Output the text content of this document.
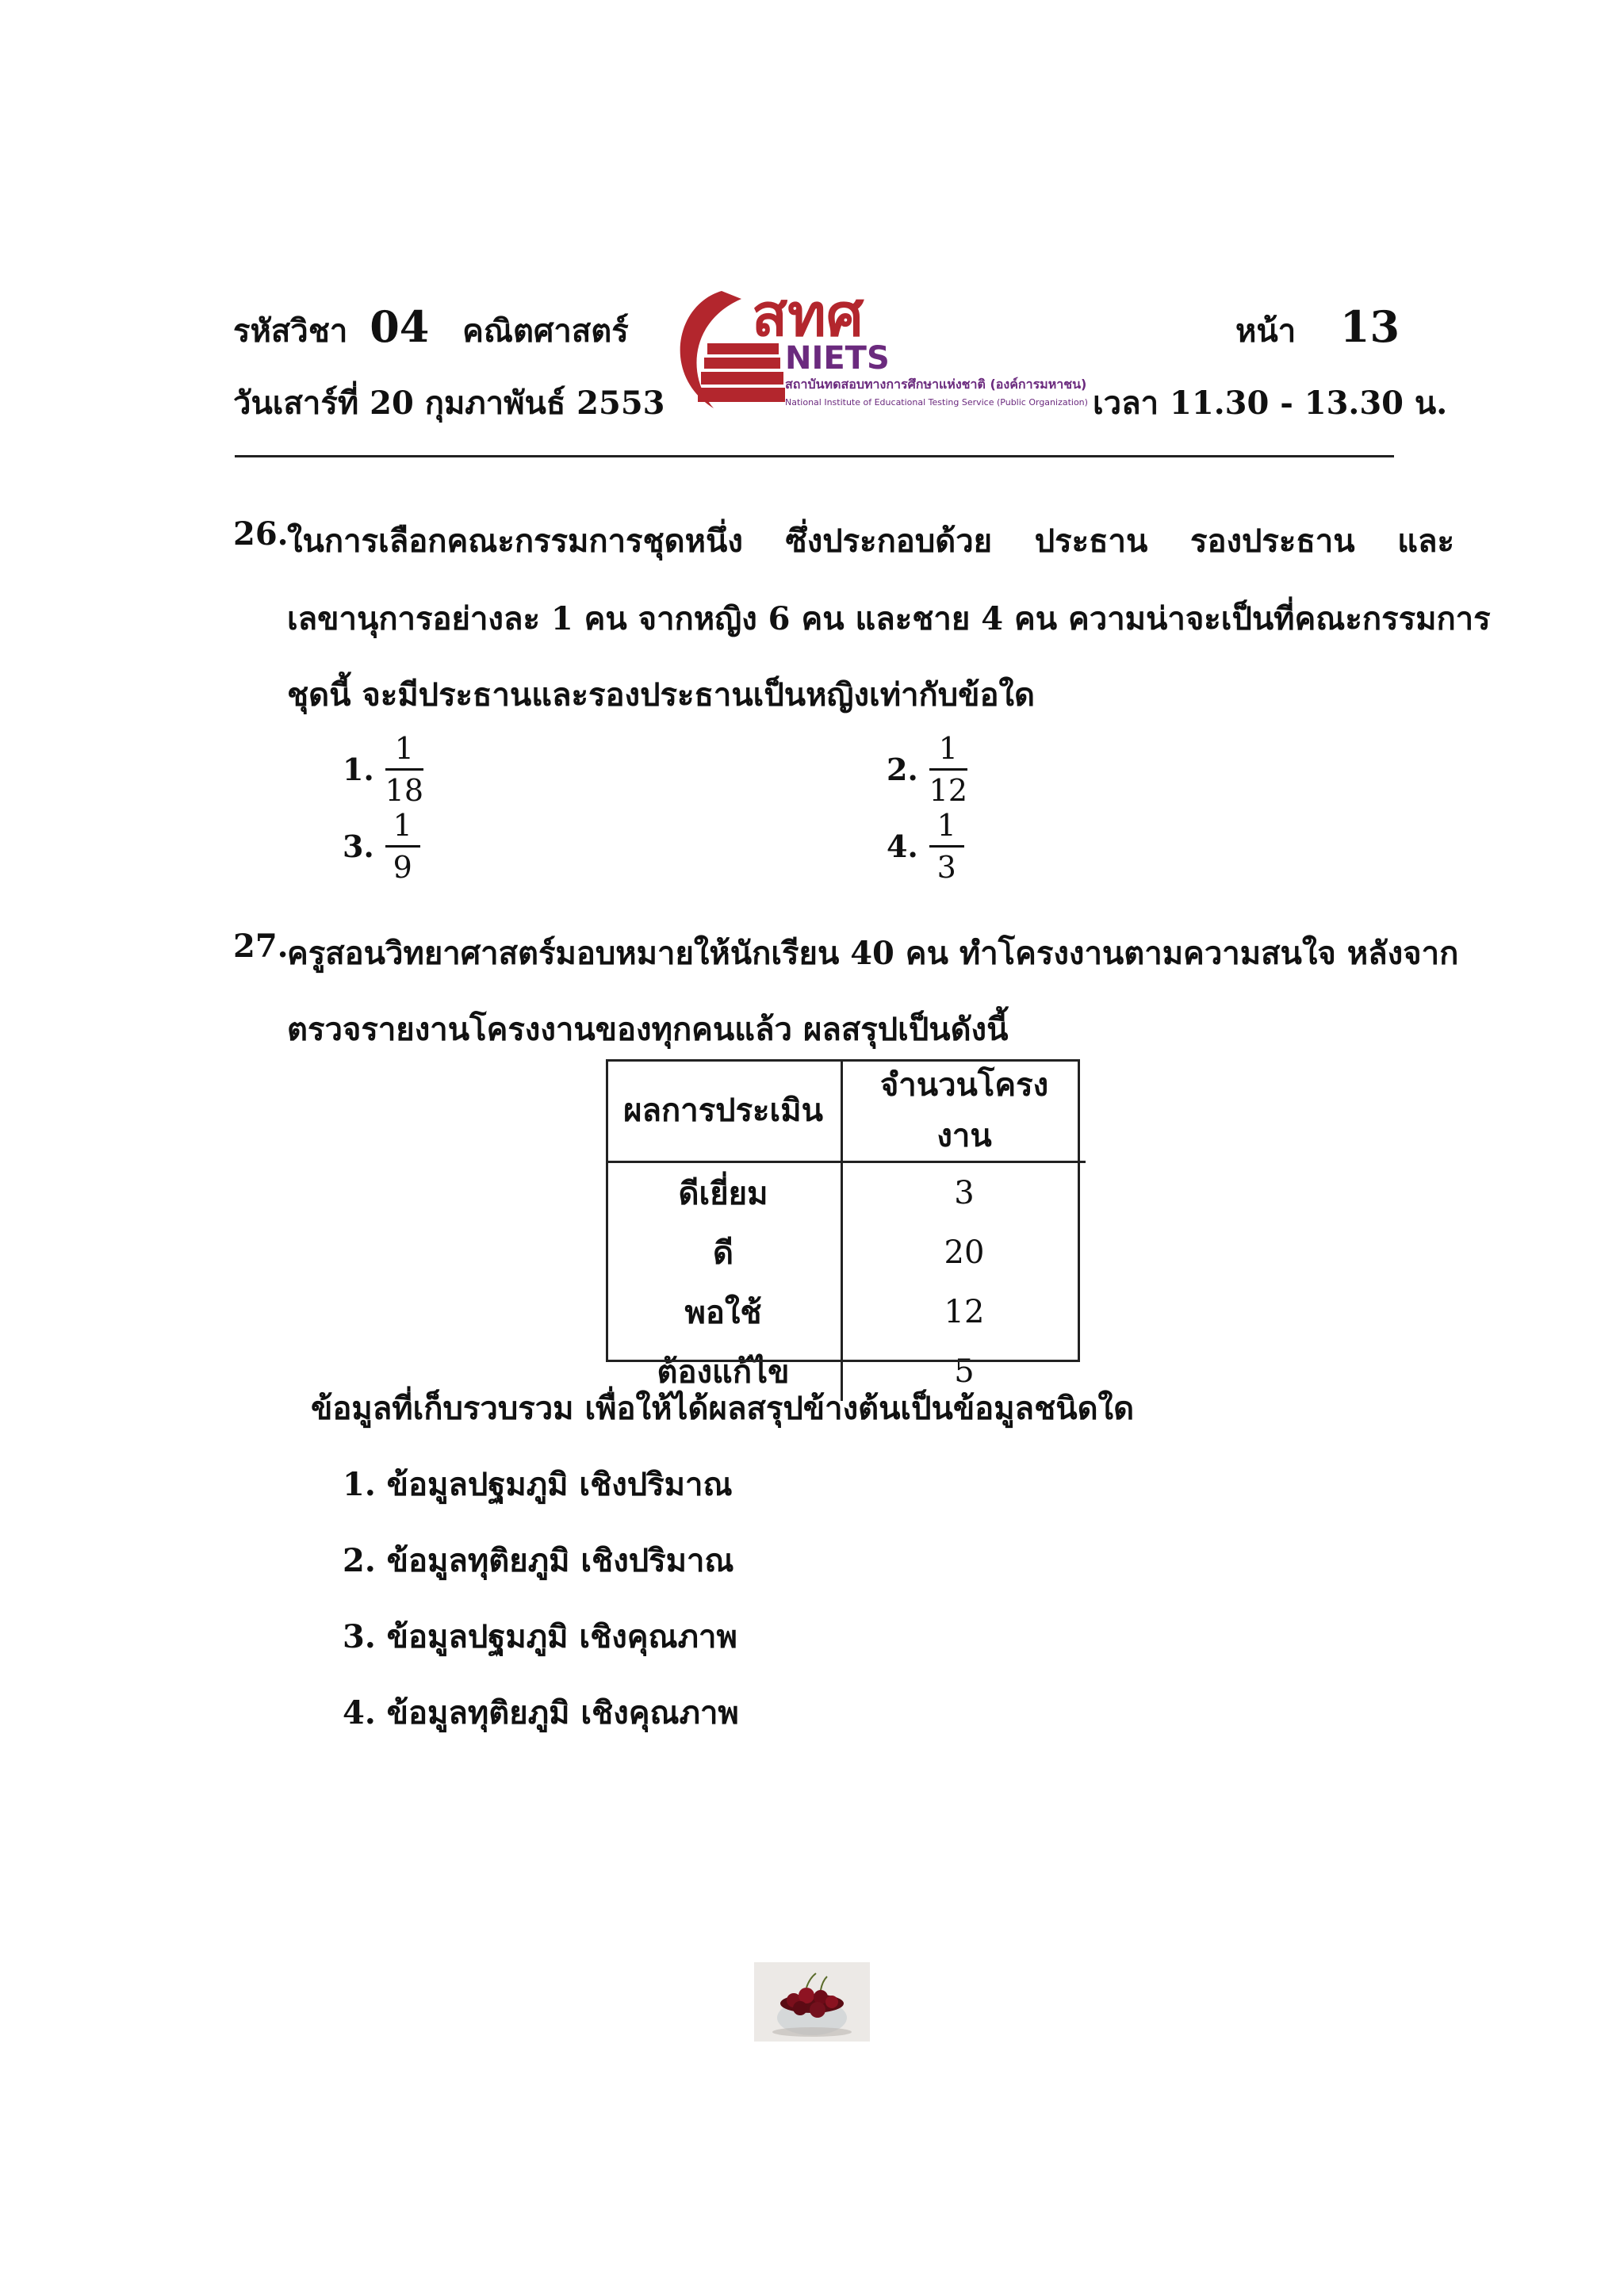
รหัสวิชา 04 คณิตศาสตร์
วันเสาร์ที่ 20 กุมภาพันธ์ 2553
หน้า 13
เวลา 11.30 - 13.30 น.
สทศ
NIETS
สถาบันทดสอบทางการศึกษาแห่งชาติ (องค์การมหาชน)
National Institute of Educational Testing Service (Public Organization)
26.
ในการเลือกคณะกรรมการชุดหนึ่ง ซึ่งประกอบด้วย ประธาน รองประธาน และ
เลขานุการอย่างละ 1 คน จากหญิง 6 คน และชาย 4 คน ความน่าจะเป็นที่คณะกรรมการ
ชุดนี้ จะมีประธานและรองประธานเป็นหญิงเท่ากับข้อใด
1.
1
18
2.
1
12
3.
1
9
4.
1
3
27.
ครูสอนวิทยาศาสตร์มอบหมายให้นักเรียน 40 คน ทำโครงงานตามความสนใจ หลังจาก
ตรวจรายงานโครงงานของทุกคนแล้ว ผลสรุปเป็นดังนี้
ผลการประเมิน	จำนวนโครงงาน
ดีเยี่ยม	3
ดี	20
พอใช้	12
ต้องแก้ไข	5
ข้อมูลที่เก็บรวบรวม เพื่อให้ได้ผลสรุปข้างต้นเป็นข้อมูลชนิดใด
1. ข้อมูลปฐมภูมิ เชิงปริมาณ
2. ข้อมูลทุติยภูมิ เชิงปริมาณ
3. ข้อมูลปฐมภูมิ เชิงคุณภาพ
4. ข้อมูลทุติยภูมิ เชิงคุณภาพ
